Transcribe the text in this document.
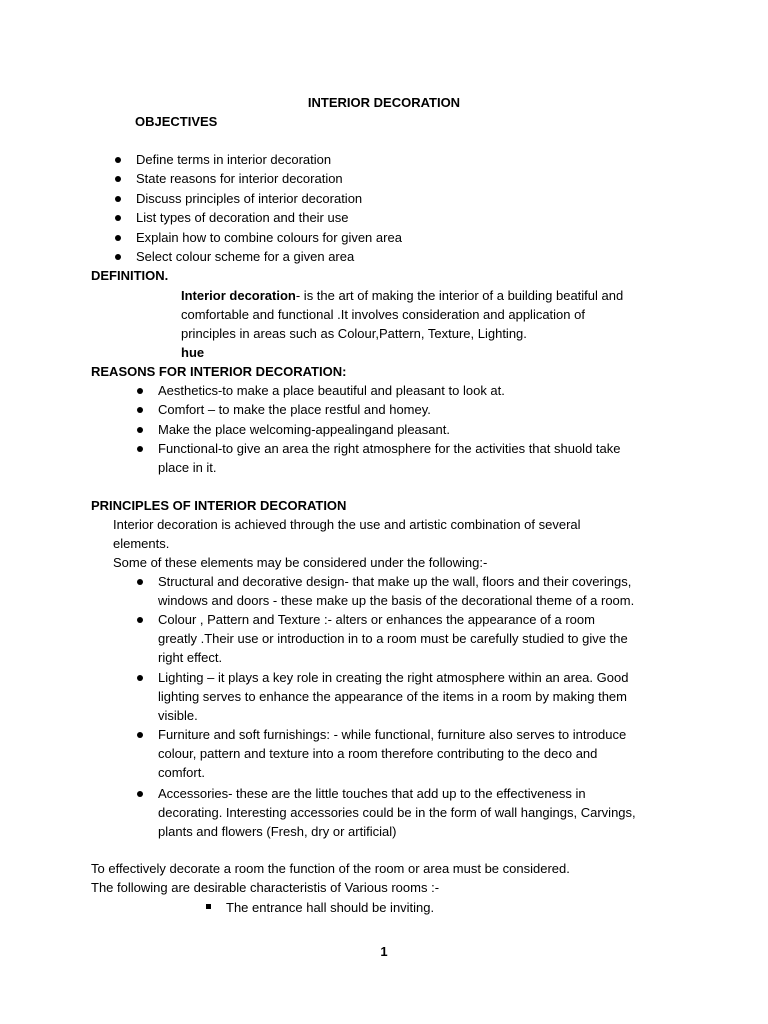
INTERIOR DECORATION
OBJECTIVES
Define terms in interior decoration
State reasons for interior decoration
Discuss principles of interior decoration
List types of decoration and their use
Explain how to combine colours for given area
Select colour scheme for a given area
DEFINITION.
Interior decoration- is the art of making the interior of a building beatiful and
comfortable and functional .It involves consideration and application of
principles in areas such as Colour,Pattern, Texture, Lighting.
hue
REASONS FOR INTERIOR DECORATION:
Aesthetics-to make a place beautiful and pleasant to look at.
Comfort – to make the place restful and homey.
Make the place welcoming-appealingand pleasant.
Functional-to give an area the right atmosphere for the activities that shuold take
place in it.
PRINCIPLES OF INTERIOR DECORATION
Interior decoration is achieved through the use and artistic combination of several
elements.
Some of these elements may be considered under the following:-
Structural and decorative design- that make up the wall, floors and their coverings,
windows and doors - these make up the basis of the decorational theme of a room.
Colour , Pattern and Texture :- alters or enhances the appearance of a room
greatly .Their use or introduction in to a room must be carefully studied to give the
right effect.
Lighting – it plays a key role in creating the right atmosphere within an area. Good
lighting serves to enhance the appearance of the items in a room by making them
visible.
Furniture and soft furnishings: - while functional, furniture also serves to introduce
colour, pattern and texture into a room therefore contributing to the deco and
comfort.
Accessories- these are the little touches that add up to the effectiveness in
decorating. Interesting accessories could be in the form of wall hangings, Carvings,
plants and flowers (Fresh, dry or artificial)
To effectively decorate a room the function of the room or area must be considered.
The following are desirable characteristis of Various rooms :-
The entrance hall should be inviting.
1
